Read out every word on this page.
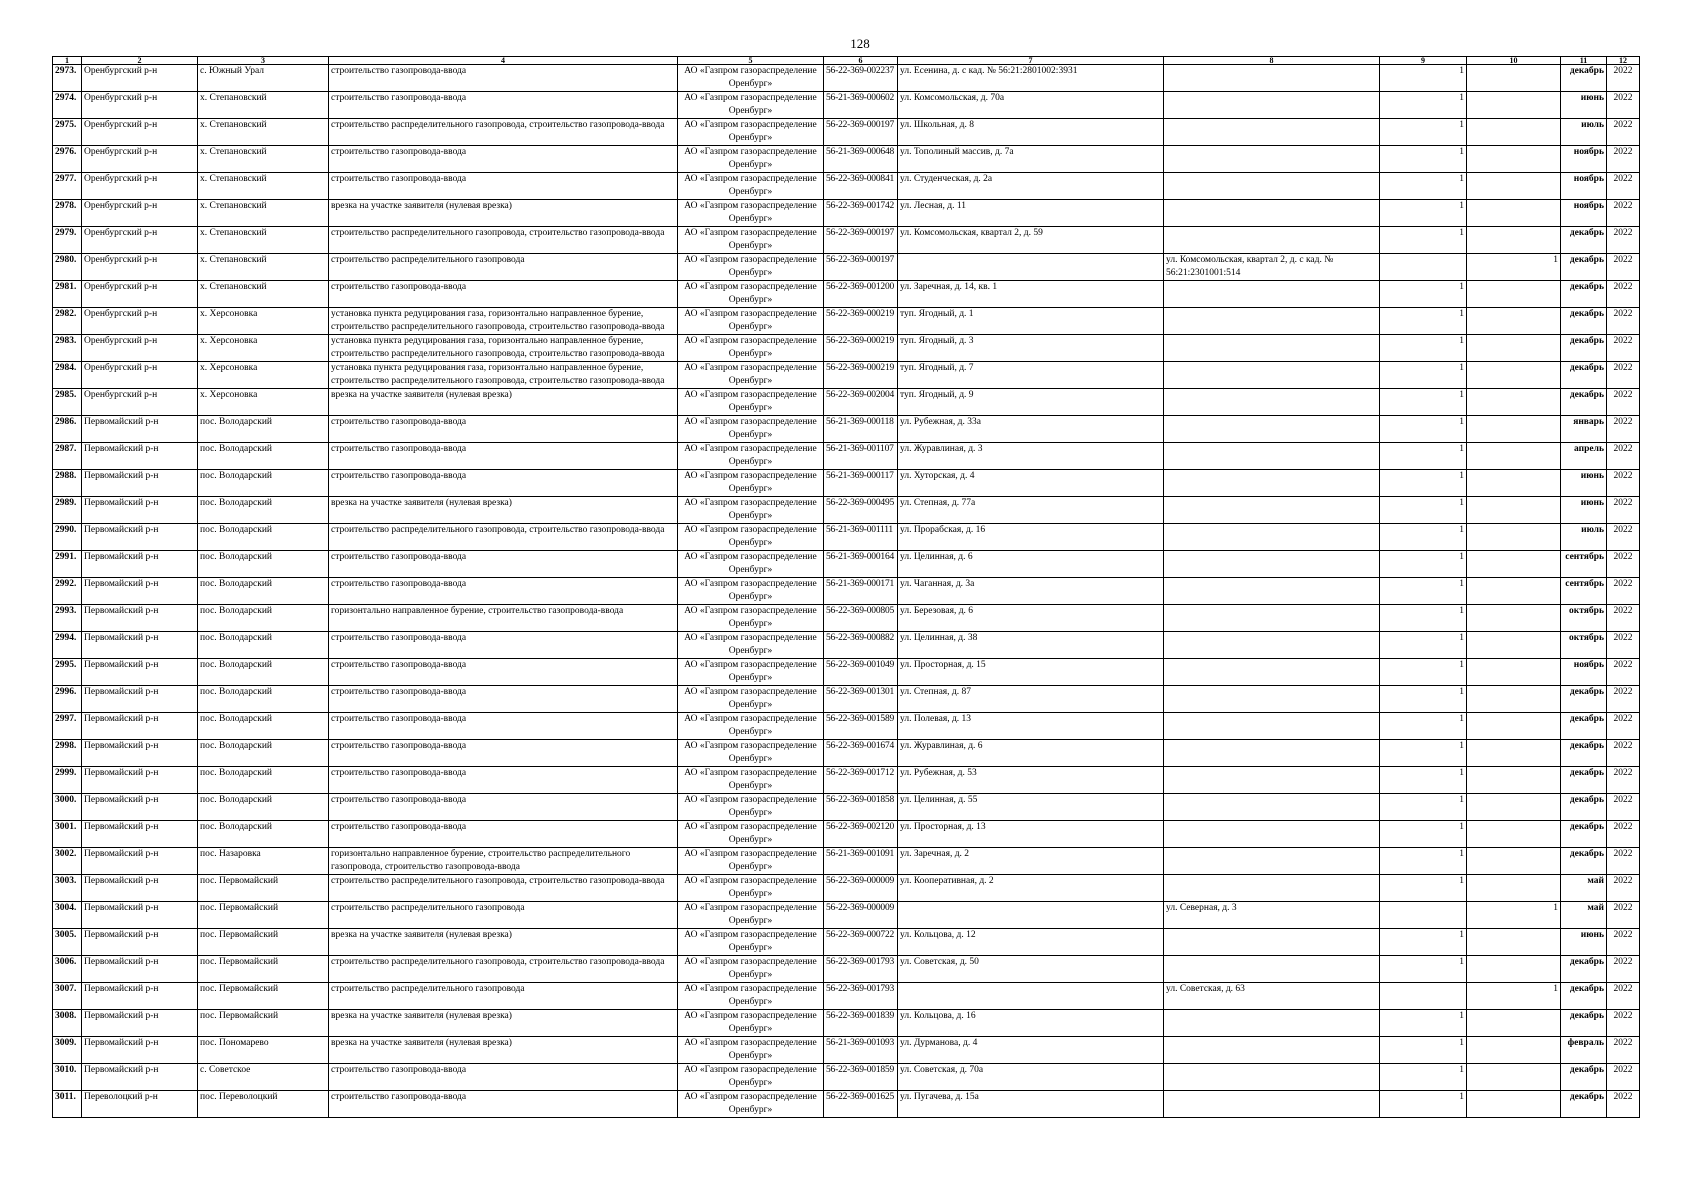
128
1	2	3	4	5	6	7	8	9	10	11	12
2973.	Оренбургский р-н	с. Южный Урал	строительство газопровода-ввода	АО «Газпром газораспределение Оренбург»	56-22-369-002237	ул. Есенина, д. с кад. № 56:21:2801002:3931		1		декабрь	2022
2974.	Оренбургский р-н	х. Степановский	строительство газопровода-ввода	АО «Газпром газораспределение Оренбург»	56-21-369-000602	ул. Комсомольская, д. 70а		1		июнь	2022
2975.	Оренбургский р-н	х. Степановский	строительство распределительного газопровода, строительство газопровода-ввода	АО «Газпром газораспределение Оренбург»	56-22-369-000197	ул. Школьная, д. 8		1		июль	2022
2976.	Оренбургский р-н	х. Степановский	строительство газопровода-ввода	АО «Газпром газораспределение Оренбург»	56-21-369-000648	ул. Тополиный массив, д. 7а		1		ноябрь	2022
2977.	Оренбургский р-н	х. Степановский	строительство газопровода-ввода	АО «Газпром газораспределение Оренбург»	56-22-369-000841	ул. Студенческая, д. 2а		1		ноябрь	2022
2978.	Оренбургский р-н	х. Степановский	врезка на участке заявителя (нулевая врезка)	АО «Газпром газораспределение Оренбург»	56-22-369-001742	ул. Лесная, д. 11		1		ноябрь	2022
2979.	Оренбургский р-н	х. Степановский	строительство распределительного газопровода, строительство газопровода-ввода	АО «Газпром газораспределение Оренбург»	56-22-369-000197	ул. Комсомольская, квартал 2, д. 59		1		декабрь	2022
2980.	Оренбургский р-н	х. Степановский	строительство распределительного газопровода	АО «Газпром газораспределение Оренбург»	56-22-369-000197		ул. Комсомольская, квартал 2, д. с кад. № 56:21:2301001:514		1	декабрь	2022
2981.	Оренбургский р-н	х. Степановский	строительство газопровода-ввода	АО «Газпром газораспределение Оренбург»	56-22-369-001200	ул. Заречная, д. 14, кв. 1		1		декабрь	2022
2982.	Оренбургский р-н	х. Херсоновка	установка пункта редуцирования газа, горизонтально направленное бурение, строительство распределительного газопровода, строительство газопровода-ввода	АО «Газпром газораспределение Оренбург»	56-22-369-000219	туп. Ягодный, д. 1		1		декабрь	2022
2983.	Оренбургский р-н	х. Херсоновка	установка пункта редуцирования газа, горизонтально направленное бурение, строительство распределительного газопровода, строительство газопровода-ввода	АО «Газпром газораспределение Оренбург»	56-22-369-000219	туп. Ягодный, д. 3		1		декабрь	2022
2984.	Оренбургский р-н	х. Херсоновка	установка пункта редуцирования газа, горизонтально направленное бурение, строительство распределительного газопровода, строительство газопровода-ввода	АО «Газпром газораспределение Оренбург»	56-22-369-000219	туп. Ягодный, д. 7		1		декабрь	2022
2985.	Оренбургский р-н	х. Херсоновка	врезка на участке заявителя (нулевая врезка)	АО «Газпром газораспределение Оренбург»	56-22-369-002004	туп. Ягодный, д. 9		1		декабрь	2022
2986.	Первомайский р-н	пос. Володарский	строительство газопровода-ввода	АО «Газпром газораспределение Оренбург»	56-21-369-000118	ул. Рубежная, д. 33а		1		январь	2022
2987.	Первомайский р-н	пос. Володарский	строительство газопровода-ввода	АО «Газпром газораспределение Оренбург»	56-21-369-001107	ул. Журавлиная, д. 3		1		апрель	2022
2988.	Первомайский р-н	пос. Володарский	строительство газопровода-ввода	АО «Газпром газораспределение Оренбург»	56-21-369-000117	ул. Хуторская, д. 4		1		июнь	2022
2989.	Первомайский р-н	пос. Володарский	врезка на участке заявителя (нулевая врезка)	АО «Газпром газораспределение Оренбург»	56-22-369-000495	ул. Степная, д. 77а		1		июнь	2022
2990.	Первомайский р-н	пос. Володарский	строительство распределительного газопровода, строительство газопровода-ввода	АО «Газпром газораспределение Оренбург»	56-21-369-001111	ул. Прорабская, д. 16		1		июль	2022
2991.	Первомайский р-н	пос. Володарский	строительство газопровода-ввода	АО «Газпром газораспределение Оренбург»	56-21-369-000164	ул. Целинная, д. 6		1		сентябрь	2022
2992.	Первомайский р-н	пос. Володарский	строительство газопровода-ввода	АО «Газпром газораспределение Оренбург»	56-21-369-000171	ул. Чаганная, д. 3а		1		сентябрь	2022
2993.	Первомайский р-н	пос. Володарский	горизонтально направленное бурение, строительство газопровода-ввода	АО «Газпром газораспределение Оренбург»	56-22-369-000805	ул. Березовая, д. 6		1		октябрь	2022
2994.	Первомайский р-н	пос. Володарский	строительство газопровода-ввода	АО «Газпром газораспределение Оренбург»	56-22-369-000882	ул. Целинная, д. 38		1		октябрь	2022
2995.	Первомайский р-н	пос. Володарский	строительство газопровода-ввода	АО «Газпром газораспределение Оренбург»	56-22-369-001049	ул. Просторная, д. 15		1		ноябрь	2022
2996.	Первомайский р-н	пос. Володарский	строительство газопровода-ввода	АО «Газпром газораспределение Оренбург»	56-22-369-001301	ул. Степная, д. 87		1		декабрь	2022
2997.	Первомайский р-н	пос. Володарский	строительство газопровода-ввода	АО «Газпром газораспределение Оренбург»	56-22-369-001589	ул. Полевая, д. 13		1		декабрь	2022
2998.	Первомайский р-н	пос. Володарский	строительство газопровода-ввода	АО «Газпром газораспределение Оренбург»	56-22-369-001674	ул. Журавлиная, д. 6		1		декабрь	2022
2999.	Первомайский р-н	пос. Володарский	строительство газопровода-ввода	АО «Газпром газораспределение Оренбург»	56-22-369-001712	ул. Рубежная, д. 53		1		декабрь	2022
3000.	Первомайский р-н	пос. Володарский	строительство газопровода-ввода	АО «Газпром газораспределение Оренбург»	56-22-369-001858	ул. Целинная, д. 55		1		декабрь	2022
3001.	Первомайский р-н	пос. Володарский	строительство газопровода-ввода	АО «Газпром газораспределение Оренбург»	56-22-369-002120	ул. Просторная, д. 13		1		декабрь	2022
3002.	Первомайский р-н	пос. Назаровка	горизонтально направленное бурение, строительство распределительного газопровода, строительство газопровода-ввода	АО «Газпром газораспределение Оренбург»	56-21-369-001091	ул. Заречная, д. 2		1		декабрь	2022
3003.	Первомайский р-н	пос. Первомайский	строительство распределительного газопровода, строительство газопровода-ввода	АО «Газпром газораспределение Оренбург»	56-22-369-000009	ул. Кооперативная, д. 2		1		май	2022
3004.	Первомайский р-н	пос. Первомайский	строительство распределительного газопровода	АО «Газпром газораспределение Оренбург»	56-22-369-000009		ул. Северная, д. 3		1	май	2022
3005.	Первомайский р-н	пос. Первомайский	врезка на участке заявителя (нулевая врезка)	АО «Газпром газораспределение Оренбург»	56-22-369-000722	ул. Кольцова, д. 12		1		июнь	2022
3006.	Первомайский р-н	пос. Первомайский	строительство распределительного газопровода, строительство газопровода-ввода	АО «Газпром газораспределение Оренбург»	56-22-369-001793	ул. Советская, д. 50		1		декабрь	2022
3007.	Первомайский р-н	пос. Первомайский	строительство распределительного газопровода	АО «Газпром газораспределение Оренбург»	56-22-369-001793		ул. Советская, д. 63		1	декабрь	2022
3008.	Первомайский р-н	пос. Первомайский	врезка на участке заявителя (нулевая врезка)	АО «Газпром газораспределение Оренбург»	56-22-369-001839	ул. Кольцова, д. 16		1		декабрь	2022
3009.	Первомайский р-н	пос. Пономарево	врезка на участке заявителя (нулевая врезка)	АО «Газпром газораспределение Оренбург»	56-21-369-001093	ул. Дурманова, д. 4		1		февраль	2022
3010.	Первомайский р-н	с. Советское	строительство газопровода-ввода	АО «Газпром газораспределение Оренбург»	56-22-369-001859	ул. Советская, д. 70а		1		декабрь	2022
3011.	Переволоцкий р-н	пос. Переволоцкий	строительство газопровода-ввода	АО «Газпром газораспределение Оренбург»	56-22-369-001625	ул. Пугачева, д. 15а		1		декабрь	2022
